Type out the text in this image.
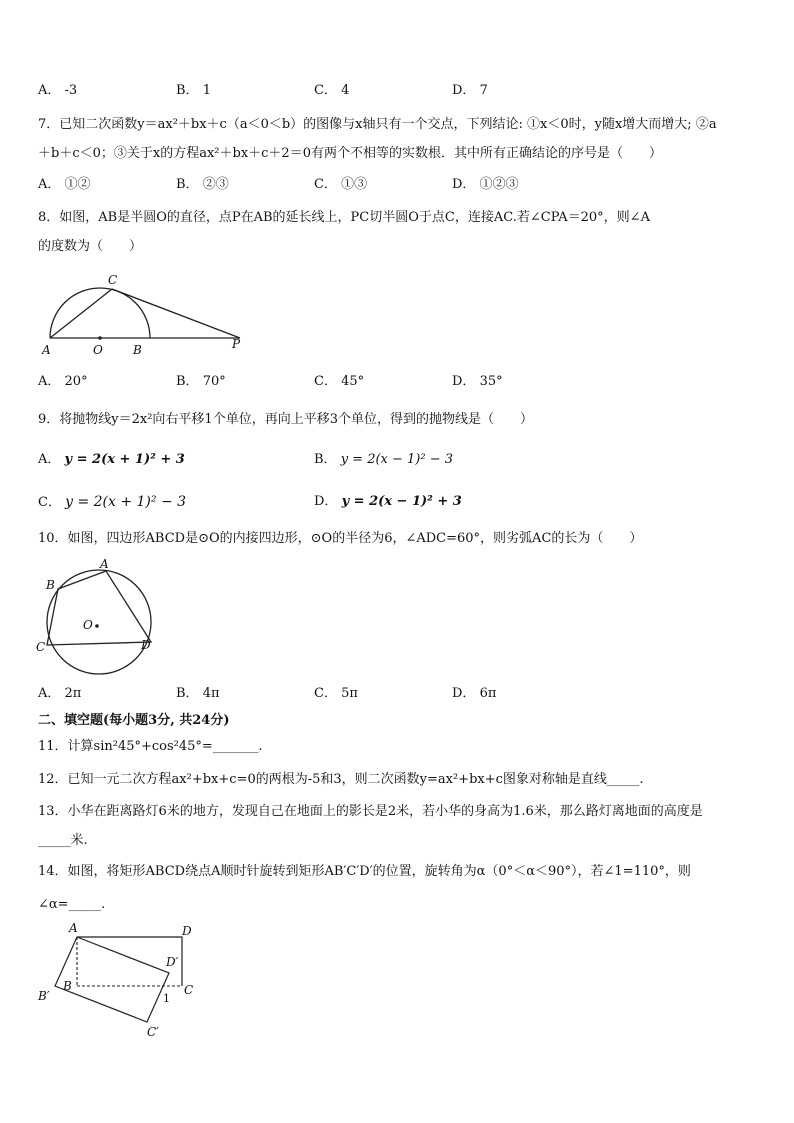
A． -3	B． 1	C． 4	D． 7
7．已知二次函数y＝ax²＋bx＋c（a＜0＜b）的图像与x轴只有一个交点，下列结论: ①x＜0时，y随x增大而增大; ②a
＋b＋c＜0；③关于x的方程ax²＋bx＋c＋2＝0有两个不相等的实数根．其中所有正确结论的序号是（　　）
A． ①②	B． ②③	C． ①③	D． ①②③
8．如图，AB是半圆O的直径，点P在AB的延长线上，PC切半圆O于点C，连接AC.若∠CPA＝20°，则∠A
的度数为（　　）
C
A	O	B	P
A． 20°	B． 70°	C． 45°	D． 35°
9．将抛物线y＝2x²向右平移1个单位，再向上平移3个单位，得到的抛物线是（　　）
A． y = 2(x + 1)² + 3	B． y = 2(x − 1)² − 3
C． y = 2(x + 1)² − 3	D． y = 2(x − 1)² + 3
10．如图，四边形ABCD是⊙O的内接四边形，⊙O的半径为6，∠ADC=60°，则劣弧AC的长为（　　）
A
B
C	D
O
A． 2π	B． 4π	C． 5π	D． 6π
二、填空题(每小题3分, 共24分)
11．计算sin²45°+cos²45°=_______.
12．已知一元二次方程ax²+bx+c=0的两根为-5和3，则二次函数y=ax²+bx+c图象对称轴是直线_____.
13．小华在距离路灯6米的地方，发现自己在地面上的影长是2米，若小华的身高为1.6米，那么路灯离地面的高度是
_____米.
14．如图，将矩形ABCD绕点A顺时针旋转到矩形AB′C′D′的位置，旋转角为α（0°＜α＜90°），若∠1=110°，则
∠α=_____.
A	D
D′
B	C
B′	1
C′
